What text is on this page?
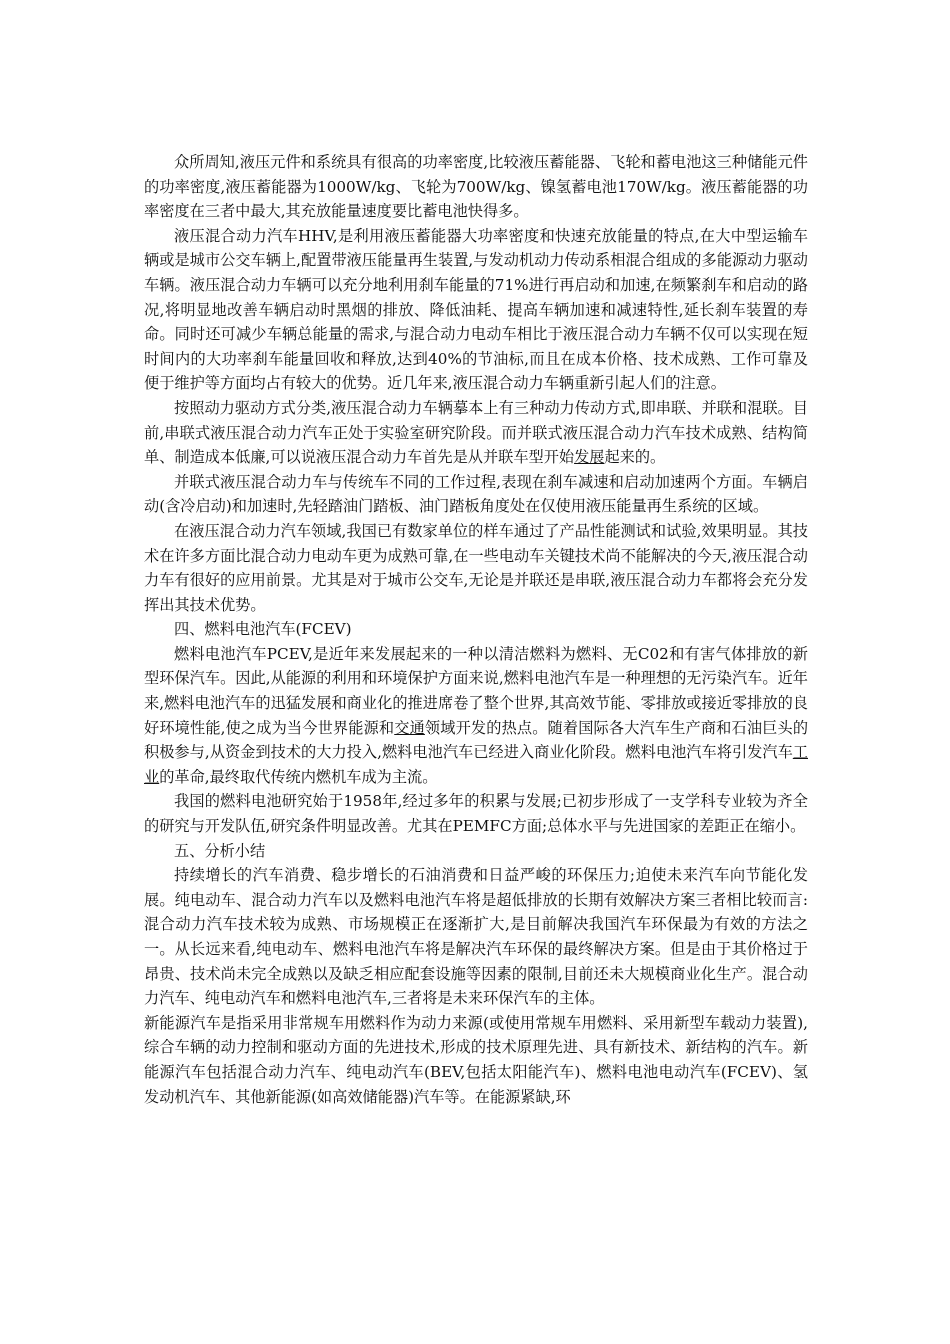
众所周知,液压元件和系统具有很高的功率密度,比较液压蓄能器、飞轮和蓄电池这三种储能元件的功率密度,液压蓄能器为1000W/kg、飞轮为700W/kg、镍氢蓄电池170W/kg。液压蓄能器的功率密度在三者中最大,其充放能量速度要比蓄电池快得多。

液压混合动力汽车HHV,是利用液压蓄能器大功率密度和快速充放能量的特点,在大中型运输车辆或是城市公交车辆上,配置带液压能量再生装置,与发动机动力传动系相混合组成的多能源动力驱动车辆。液压混合动力车辆可以充分地利用刹车能量的71%进行再启动和加速,在频繁刹车和启动的路况,将明显地改善车辆启动时黑烟的排放、降低油耗、提高车辆加速和减速特性,延长刹车装置的寿命。同时还可减少车辆总能量的需求,与混合动力电动车相比于液压混合动力车辆不仅可以实现在短时间内的大功率刹车能量回收和释放,达到40%的节油标,而且在成本价格、技术成熟、工作可靠及便于维护等方面均占有较大的优势。近几年来,液压混合动力车辆重新引起人们的注意。

按照动力驱动方式分类,液压混合动力车辆摹本上有三种动力传动方式,即串联、并联和混联。目前,串联式液压混合动力汽车正处于实验室研究阶段。而并联式液压混合动力汽车技术成熟、结构简单、制造成本低廉,可以说液压混合动力车首先是从并联车型开始发展起来的。

并联式液压混合动力车与传统车不同的工作过程,表现在刹车减速和启动加速两个方面。车辆启动(含冷启动)和加速时,先轻踏油门踏板、油门踏板角度处在仅使用液压能量再生系统的区域。

在液压混合动力汽车领域,我国已有数家单位的样车通过了产品性能测试和试验,效果明显。其技术在许多方面比混合动力电动车更为成熟可靠,在一些电动车关键技术尚不能解决的今天,液压混合动力车有很好的应用前景。尤其是对于城市公交车,无论是并联还是串联,液压混合动力车都将会充分发挥出其技术优势。

四、燃料电池汽车(FCEV)

燃料电池汽车PCEV,是近年来发展起来的一种以清洁燃料为燃料、无C02和有害气体排放的新型环保汽车。因此,从能源的利用和环境保护方面来说,燃料电池汽车是一种理想的无污染汽车。近年来,燃料电池汽车的迅猛发展和商业化的推进席卷了整个世界,其高效节能、零排放或接近零排放的良好环境性能,使之成为当今世界能源和交通领域开发的热点。随着国际各大汽车生产商和石油巨头的积极参与,从资金到技术的大力投入,燃料电池汽车已经进入商业化阶段。燃料电池汽车将引发汽车工业的革命,最终取代传统内燃机车成为主流。

我国的燃料电池研究始于1958年,经过多年的积累与发展;已初步形成了一支学科专业较为齐全的研究与开发队伍,研究条件明显改善。尤其在PEMFC方面;总体水平与先进国家的差距正在缩小。

五、分析小结

持续增长的汽车消费、稳步增长的石油消费和日益严峻的环保压力;迫使未来汽车向节能化发展。纯电动车、混合动力汽车以及燃料电池汽车将是超低排放的长期有效解决方案三者相比较而言:混合动力汽车技术较为成熟、市场规模正在逐渐扩大,是目前解决我国汽车环保最为有效的方法之一。从长远来看,纯电动车、燃料电池汽车将是解决汽车环保的最终解决方案。但是由于其价格过于昂贵、技术尚未完全成熟以及缺乏相应配套设施等因素的限制,目前还未大规模商业化生产。混合动力汽车、纯电动汽车和燃料电池汽车,三者将是未来环保汽车的主体。

新能源汽车是指采用非常规车用燃料作为动力来源(或使用常规车用燃料、采用新型车载动力装置),综合车辆的动力控制和驱动方面的先进技术,形成的技术原理先进、具有新技术、新结构的汽车。新能源汽车包括混合动力汽车、纯电动汽车(BEV,包括太阳能汽车)、燃料电池电动汽车(FCEV)、氢发动机汽车、其他新能源(如高效储能器)汽车等。在能源紧缺,环
